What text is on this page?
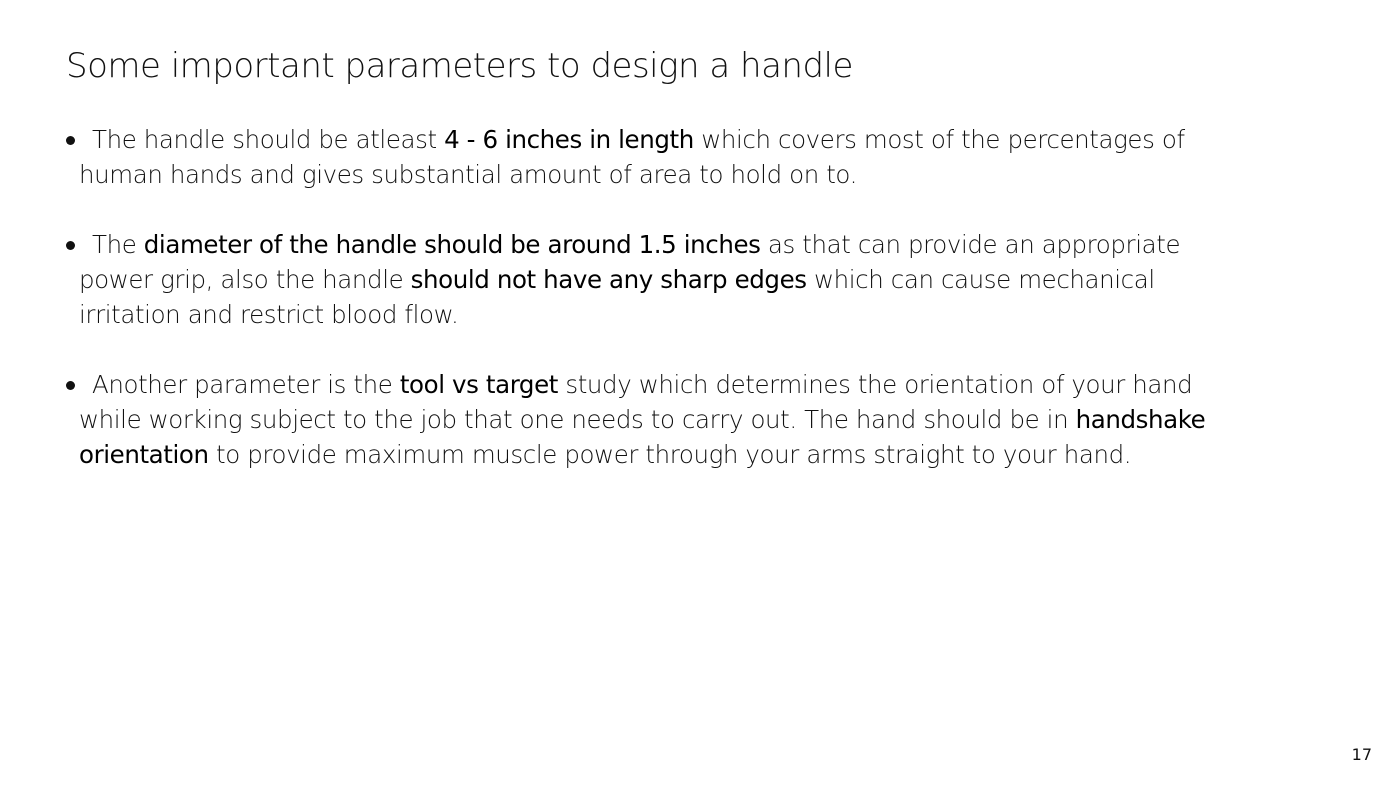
Some important parameters to design a handle
The handle should be atleast 4 - 6 inches in length which covers most of the percentages of human hands and gives substantial amount of area to hold on to.
The diameter of the handle should be around 1.5 inches as that can provide an appropriate power grip, also the handle should not have any sharp edges which can cause mechanical irritation and restrict blood flow.
Another parameter is the tool vs target study which determines the orientation of your hand while working subject to the job that one needs to carry out. The hand should be in handshake orientation to provide maximum muscle power through your arms straight to your hand.
17
